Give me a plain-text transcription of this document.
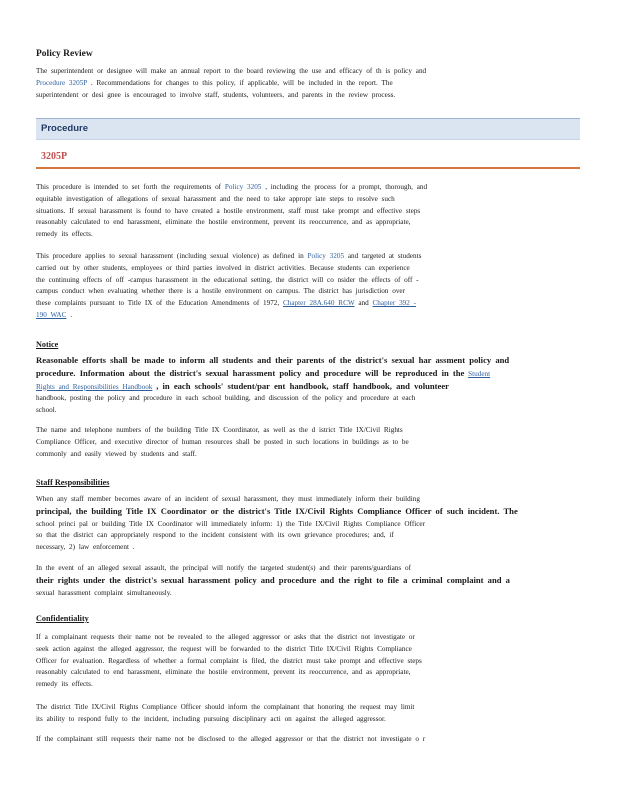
Policy Review
The superintendent or designee will make an annual report to the board reviewing the use and efficacy of th is policy and
Procedure 3205P . Recommendations for changes to this policy, if applicable, will be included in the report. The
superintendent or desi gnee is encouraged to involve staff, students, volunteers, and parents in the review process.
Procedure
3205P
This procedure is intended to set forth the requirements of Policy 3205 , including the process for a prompt, thorough, and
equitable investigation of allegations of sexual harassment and the need to take appropr iate steps to resolve such
situations. If sexual harassment is found to have created a hostile environment, staff must take prompt and effective steps
reasonably calculated to end harassment, eliminate the hostile environment, prevent its reoccurrence, and as appropriate,
remedy its effects.
This procedure applies to sexual harassment (including sexual violence) as defined in Policy 3205 and targeted at students
carried out by other students, employees or third parties involved in district activities. Because students can experience
the continuing effects of off -campus harassment in the educational setting, the district will co nsider the effects of off -
campus conduct when evaluating whether there is a hostile environment on campus. The district has jurisdiction over
these complaints pursuant to Title IX of the Education Amendments of 1972, Chapter 28A.640 RCW and Chapter 392 -
190 WAC .
Notice
Reasonable efforts shall be made to inform all students and their parents of the district's sexual har assment policy and
procedure. Information about the district's sexual harassment policy and procedure will be reproduced in the Student
Rights and Responsibilities Handbook , in each schools' student/par ent handbook, staff handbook, and volunteer
handbook, posting the policy and procedure in each school building, and discussion of the policy and procedure at each
school.
The name and telephone numbers of the building Title IX Coordinator, as well as the d istrict Title IX/Civil Rights
Compliance Officer, and executive director of human resources shall be posted in such locations in buildings as to be
commonly and easily viewed by students and staff.
Staff Responsibilities
When any staff member becomes aware of an incident of sexual harassment, they must immediately inform their building
principal, the building Title IX Coordinator or the district's Title IX/Civil Rights Compliance Officer of such incident. The
school princi pal or building Title IX Coordinator will immediately inform: 1) the Title IX/Civil Rights Compliance Officer
so that the district can appropriately respond to the incident consistent with its own grievance procedures; and, if
necessary, 2) law enforcement .
In the event of an alleged sexual assault, the principal will notify the targeted student(s) and their parents/guardians of
their rights under the district's sexual harassment policy and procedure and the right to file a criminal complaint and a
sexual harassment complaint simultaneously.
Confidentiality
If a complainant requests their name not be revealed to the alleged aggressor or asks that the district not investigate or
seek action against the alleged aggressor, the request will be forwarded to the district Title IX/Civil Rights Compliance
Officer for evaluation. Regardless of whether a formal complaint is filed, the district must take prompt and effective steps
reasonably calculated to end harassment, eliminate the hostile environment, prevent its reoccurrence, and as appropriate,
remedy its effects.
The district Title IX/Civil Rights Compliance Officer should inform the complainant that honoring the request may limit
its ability to respond fully to the incident, including pursuing disciplinary acti on against the alleged aggressor.
If the complainant still requests their name not be disclosed to the alleged aggressor or that the district not investigate o r
